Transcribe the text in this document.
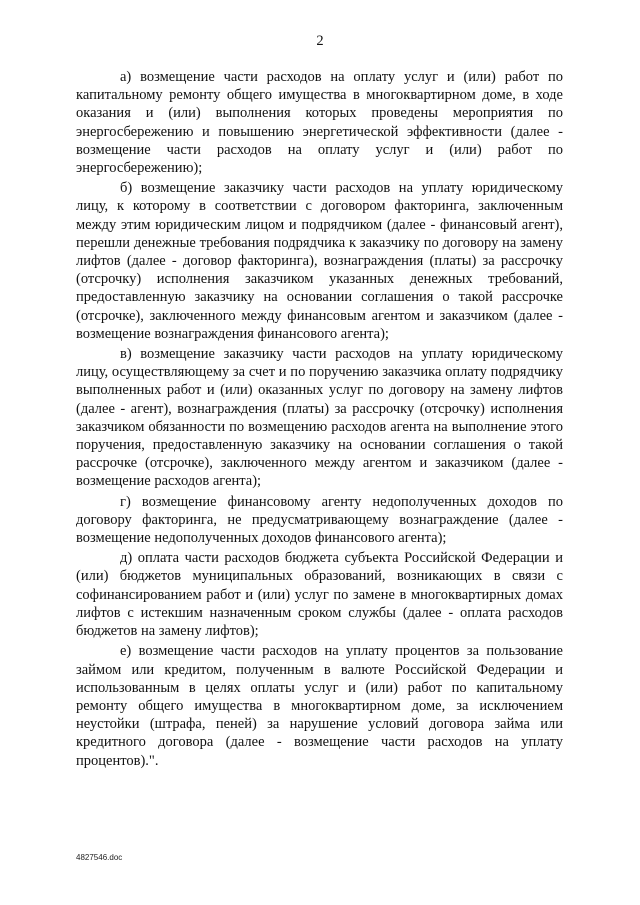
2

а) возмещение части расходов на оплату услуг и (или) работ по капитальному ремонту общего имущества в многоквартирном доме, в ходе оказания и (или) выполнения которых проведены мероприятия по энергосбережению и повышению энергетической эффективности (далее - возмещение части расходов на оплату услуг и (или) работ по энергосбережению);

б) возмещение заказчику части расходов на уплату юридическому лицу, к которому в соответствии с договором факторинга, заключенным между этим юридическим лицом и подрядчиком (далее - финансовый агент), перешли денежные требования подрядчика к заказчику по договору на замену лифтов (далее - договор факторинга), вознаграждения (платы) за рассрочку (отсрочку) исполнения заказчиком указанных денежных требований, предоставленную заказчику на основании соглашения о такой рассрочке (отсрочке), заключенного между финансовым агентом и заказчиком (далее - возмещение вознаграждения финансового агента);

в) возмещение заказчику части расходов на уплату юридическому лицу, осуществляющему за счет и по поручению заказчика оплату подрядчику выполненных работ и (или) оказанных услуг по договору на замену лифтов (далее - агент), вознаграждения (платы) за рассрочку (отсрочку) исполнения заказчиком обязанности по возмещению расходов агента на выполнение этого поручения, предоставленную заказчику на основании соглашения о такой рассрочке (отсрочке), заключенного между агентом и заказчиком (далее - возмещение расходов агента);

г) возмещение финансовому агенту недополученных доходов по договору факторинга, не предусматривающему вознаграждение (далее - возмещение недополученных доходов финансового агента);

д) оплата части расходов бюджета субъекта Российской Федерации и (или) бюджетов муниципальных образований, возникающих в связи с софинансированием работ и (или) услуг по замене в многоквартирных домах лифтов с истекшим назначенным сроком службы (далее - оплата расходов бюджетов на замену лифтов);

е) возмещение части расходов на уплату процентов за пользование займом или кредитом, полученным в валюте Российской Федерации и использованным в целях оплаты услуг и (или) работ по капитальному ремонту общего имущества в многоквартирном доме, за исключением неустойки (штрафа, пеней) за нарушение условий договора займа или кредитного договора (далее - возмещение части расходов на уплату процентов).".

4827546.doc
